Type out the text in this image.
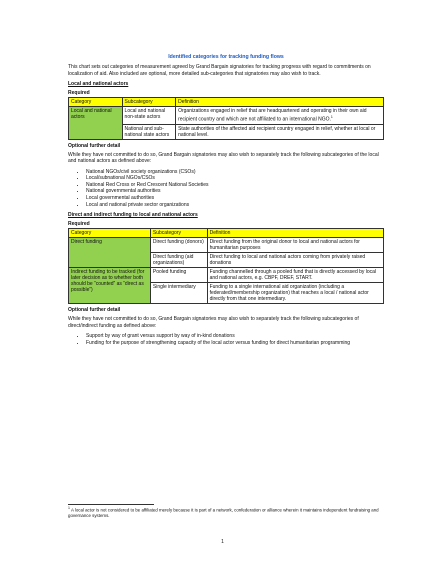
Identified categories for tracking funding flows

This chart sets out categories of measurement agreed by Grand Bargain signatories for tracking progress with regard to commitments on localization of aid. Also included are optional, more detailed sub-categories that signatories may also wish to track.

Local and national actors
Required
Category	Subcategory	Definition
Local and national actors	Local and national non-state actors	Organizations engaged in relief that are headquartered and operating in their own aid recipient country and which are not affiliated to an international NGO.$^1$
	National and sub-national state actors	State authorities of the affected aid recipient country engaged in relief, whether at local or national level.
Optional further detail

While they have not committed to do so, Grand Bargain signatories may also wish to separately track the following subcategories of the local and national actors as defined above:

• National NGOs/civil society organizations (CSOs)
• Local/subnational NGOs/CSOs
• National Red Cross or Red Crescent National Societies
• National governmental authorities
• Local governmental authorities
• Local and national private sector organizations
Direct and indirect funding to local and national actors
Required
Category	Subcategory	Definition
Direct funding	Direct funding (donors)	Direct funding from the original donor to local and national actors for humanitarian purposes
	Direct funding (aid organizations)	Direct funding to local and national actors coming from privately raised donations
Indirect funding to be tracked (for later decision as to whether both should be “counted” as “direct as possible”)	Pooled funding	Funding channelled through a pooled fund that is directly accessed by local and national actors, e.g. CBPF, DREF, START.
	Single intermediary	Funding to a single international aid organization (including a federated/membership organization) that reaches a local / national actor directly from that one intermediary.
Optional further detail

While they have not committed to do so, Grand Bargain signatories may also wish to separately track the following subcategories of direct/indirect funding as defined above:

• Support by way of grant versus support by way of in-kind donations
• Funding for the purpose of strengthening capacity of the local actor versus funding for direct humanitarian programming
$^1$ A local actor is not considered to be affiliated merely because it is part of a network, confederation or alliance wherein it maintains independent fundraising and governance systems.
1
